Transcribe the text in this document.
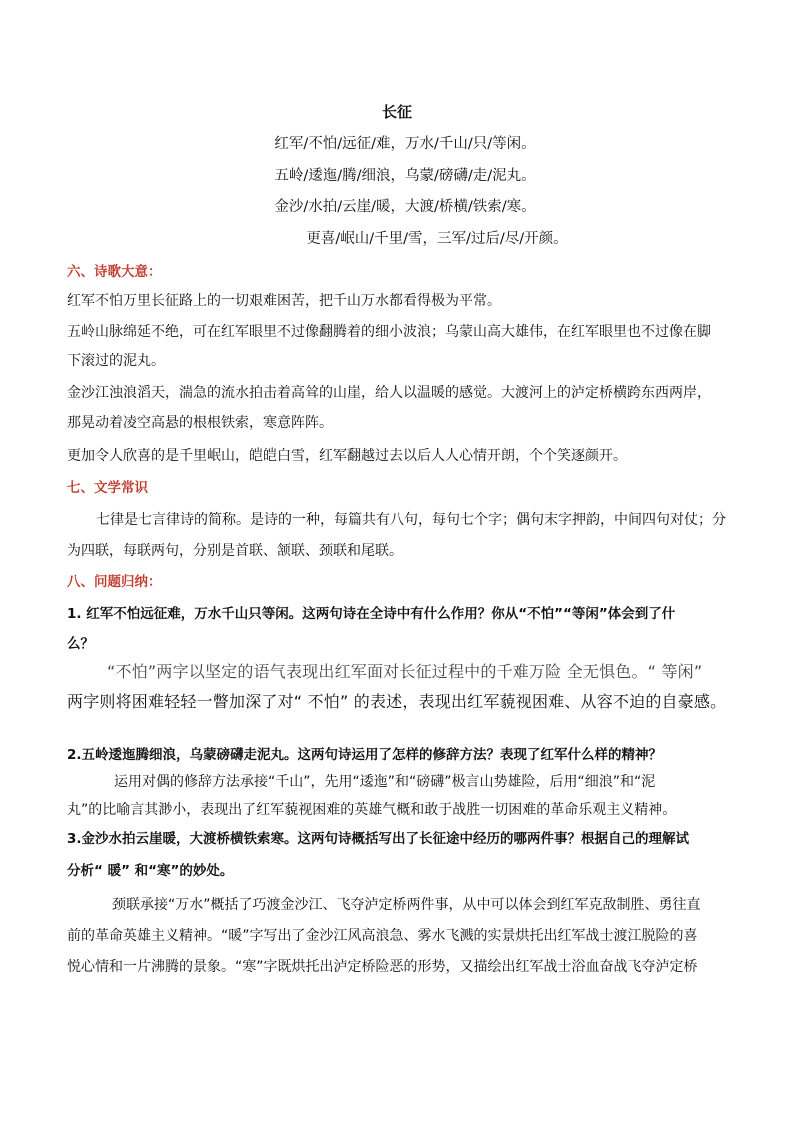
长征
红军/不怕/远征/难，万水/千山/只/等闲。
五岭/逶迤/腾/细浪，乌蒙/磅礴/走/泥丸。
金沙/水拍/云崖/暖，大渡/桥横/铁索/寒。
更喜/岷山/千里/雪，三军/过后/尽/开颜。
六、诗歌大意：
红军不怕万里长征路上的一切艰难困苦，把千山万水都看得极为平常。
五岭山脉绵延不绝，可在红军眼里不过像翻腾着的细小波浪；乌蒙山高大雄伟，在红军眼里也不过像在脚
下滚过的泥丸。
金沙江浊浪滔天，湍急的流水拍击着高耸的山崖，给人以温暖的感觉。大渡河上的泸定桥横跨东西两岸，
那晃动着凌空高悬的根根铁索，寒意阵阵。
更加令人欣喜的是千里岷山，皑皑白雪，红军翻越过去以后人人心情开朗，个个笑逐颜开。
七、文学常识
七律是七言律诗的简称。是诗的一种，每篇共有八句，每句七个字；偶句末字押韵，中间四句对仗；分
为四联，每联两句，分别是首联、颔联、颈联和尾联。
八、问题归纳：
1. 红军不怕远征难，万水千山只等闲。这两句诗在全诗中有什么作用？你从“不怕”“等闲”体会到了什
么？
“不怕”两字以坚定的语气表现出红军面对长征过程中的千难万险 全无惧色。“ 等闲”
两字则将困难轻轻一瞥加深了对“ 不怕” 的表述，表现出红军藐视困难、从容不迫的自豪感。
2.五岭逶迤腾细浪，乌蒙磅礴走泥丸。这两句诗运用了怎样的修辞方法？表现了红军什么样的精神？
运用对偶的修辞方法承接“千山”，先用“逶迤”和“磅礴”极言山势雄险，后用“细浪”和“泥
丸”的比喻言其渺小，表现出了红军藐视困难的英雄气概和敢于战胜一切困难的革命乐观主义精神。
3.金沙水拍云崖暖，大渡桥横铁索寒。这两句诗概括写出了长征途中经历的哪两件事？根据自己的理解试
分析“ 暖” 和“寒”的妙处。
颈联承接“万水”概括了巧渡金沙江、飞夺泸定桥两件事，从中可以体会到红军克敌制胜、勇往直
前的革命英雄主义精神。“暖”字写出了金沙江风高浪急、雾水飞溅的实景烘托出红军战士渡江脱险的喜
悦心情和一片沸腾的景象。“寒”字既烘托出泸定桥险恶的形势，又描绘出红军战士浴血奋战飞夺泸定桥
